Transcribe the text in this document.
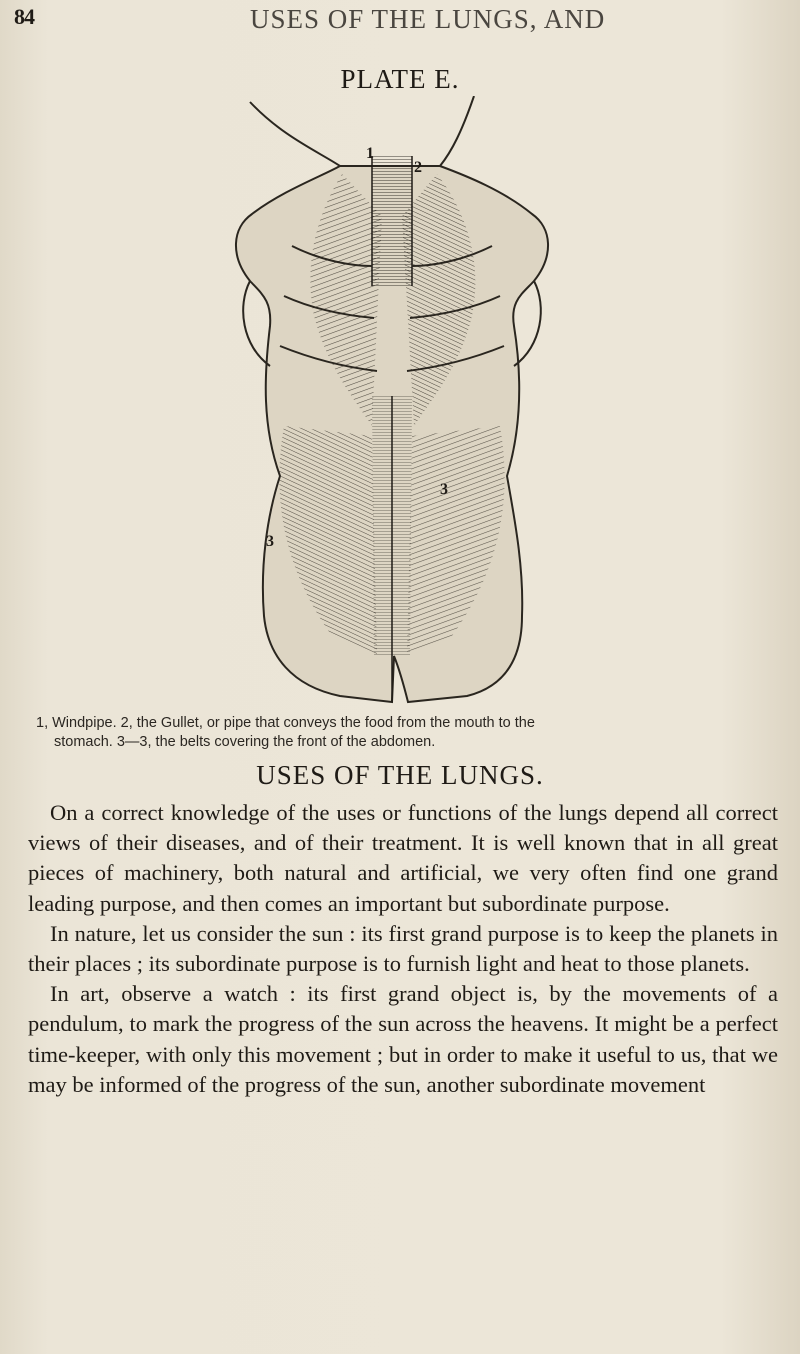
84	USES OF THE LUNGS, AND
PLATE E.
1
2
3
3
1, Windpipe. 2, the Gullet, or pipe that conveys the food from the mouth to the
stomach. 3—3, the belts covering the front of the abdomen.
USES OF THE LUNGS.

On a correct knowledge of the uses or functions of the lungs depend all correct views of their diseases, and of their treatment. It is well known that in all great pieces of machinery, both natural and artificial, we very often find one grand leading purpose, and then comes an important but subordinate purpose.

In nature, let us consider the sun : its first grand purpose is to keep the planets in their places ; its subordinate purpose is to furnish light and heat to those planets.

In art, observe a watch : its first grand object is, by the movements of a pendulum, to mark the progress of the sun across the heavens. It might be a perfect time-keeper, with only this movement ; but in order to make it useful to us, that we may be informed of the progress of the sun, another subordinate movement
